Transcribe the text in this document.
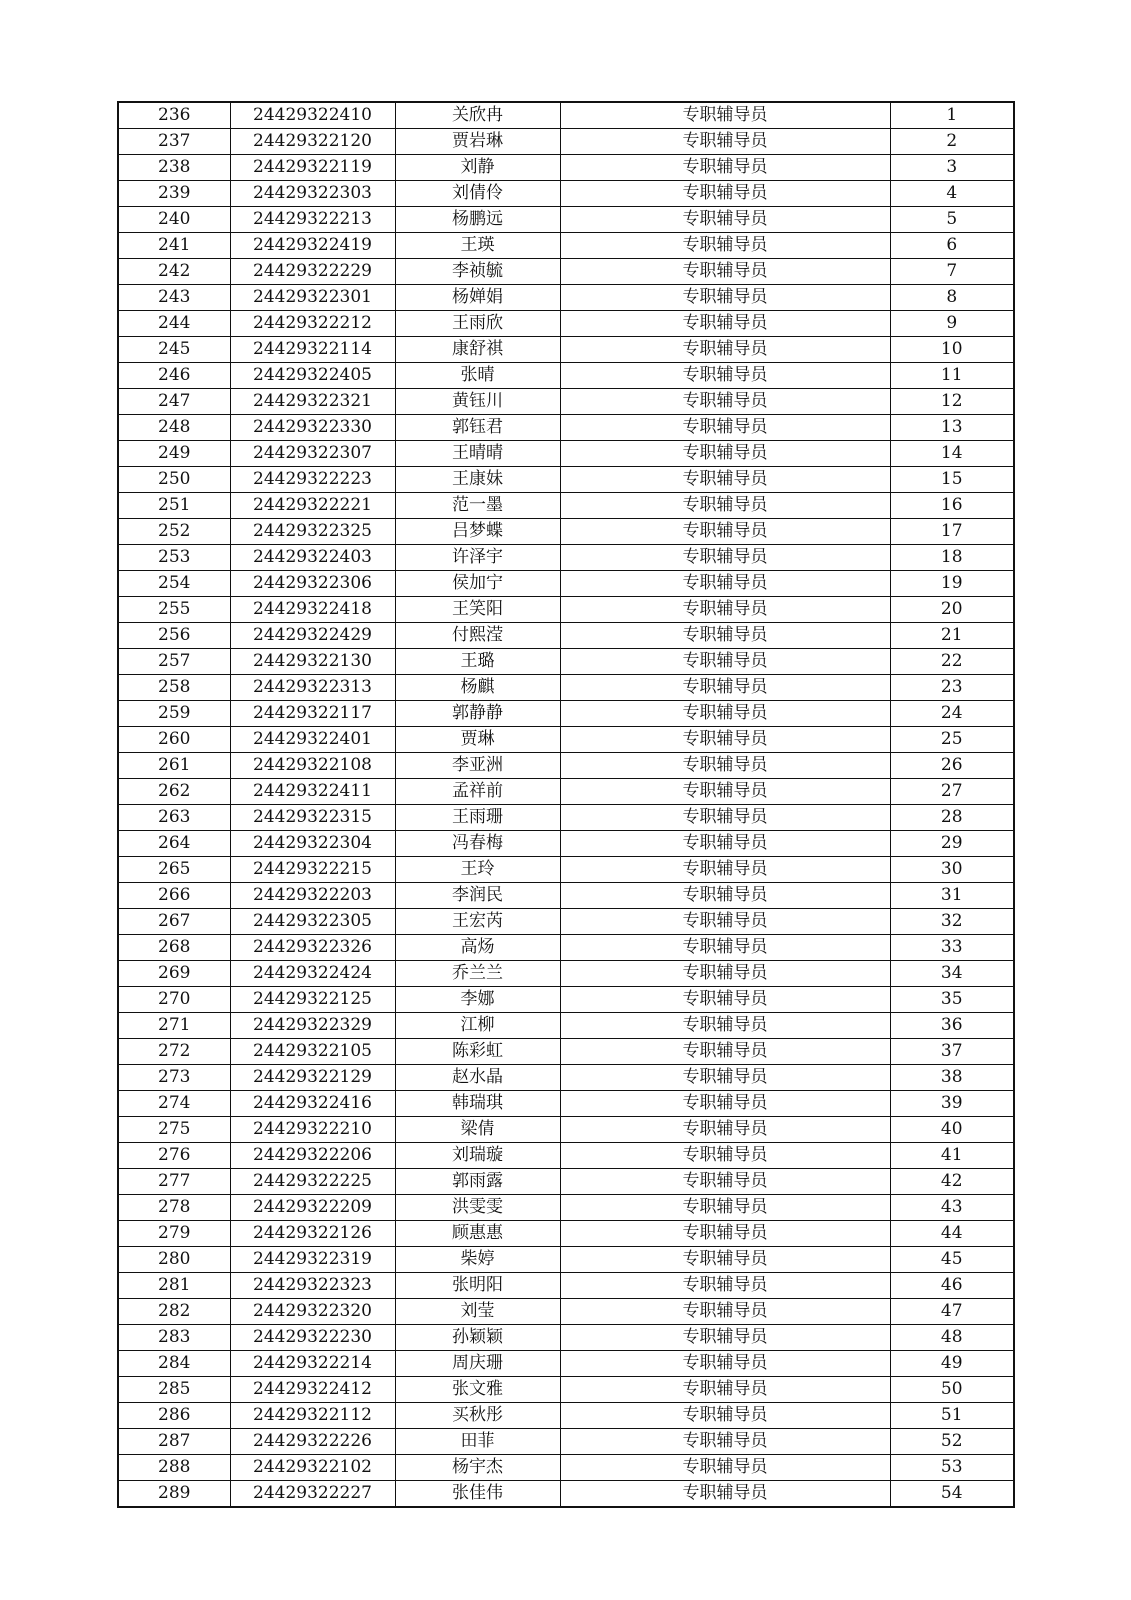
236	24429322410	关欣冉	专职辅导员	1
237	24429322120	贾岩琳	专职辅导员	2
238	24429322119	刘静	专职辅导员	3
239	24429322303	刘倩伶	专职辅导员	4
240	24429322213	杨鹏远	专职辅导员	5
241	24429322419	王瑛	专职辅导员	6
242	24429322229	李祯毓	专职辅导员	7
243	24429322301	杨婵娟	专职辅导员	8
244	24429322212	王雨欣	专职辅导员	9
245	24429322114	康舒祺	专职辅导员	10
246	24429322405	张晴	专职辅导员	11
247	24429322321	黄钰川	专职辅导员	12
248	24429322330	郭钰君	专职辅导员	13
249	24429322307	王晴晴	专职辅导员	14
250	24429322223	王康妹	专职辅导员	15
251	24429322221	范一墨	专职辅导员	16
252	24429322325	吕梦蝶	专职辅导员	17
253	24429322403	许泽宇	专职辅导员	18
254	24429322306	侯加宁	专职辅导员	19
255	24429322418	王笑阳	专职辅导员	20
256	24429322429	付熙滢	专职辅导员	21
257	24429322130	王璐	专职辅导员	22
258	24429322313	杨麒	专职辅导员	23
259	24429322117	郭静静	专职辅导员	24
260	24429322401	贾琳	专职辅导员	25
261	24429322108	李亚洲	专职辅导员	26
262	24429322411	孟祥前	专职辅导员	27
263	24429322315	王雨珊	专职辅导员	28
264	24429322304	冯春梅	专职辅导员	29
265	24429322215	王玲	专职辅导员	30
266	24429322203	李润民	专职辅导员	31
267	24429322305	王宏芮	专职辅导员	32
268	24429322326	高炀	专职辅导员	33
269	24429322424	乔兰兰	专职辅导员	34
270	24429322125	李娜	专职辅导员	35
271	24429322329	江柳	专职辅导员	36
272	24429322105	陈彩虹	专职辅导员	37
273	24429322129	赵水晶	专职辅导员	38
274	24429322416	韩瑞琪	专职辅导员	39
275	24429322210	梁倩	专职辅导员	40
276	24429322206	刘瑞璇	专职辅导员	41
277	24429322225	郭雨露	专职辅导员	42
278	24429322209	洪雯雯	专职辅导员	43
279	24429322126	顾惠惠	专职辅导员	44
280	24429322319	柴婷	专职辅导员	45
281	24429322323	张明阳	专职辅导员	46
282	24429322320	刘莹	专职辅导员	47
283	24429322230	孙颖颖	专职辅导员	48
284	24429322214	周庆珊	专职辅导员	49
285	24429322412	张文雅	专职辅导员	50
286	24429322112	买秋彤	专职辅导员	51
287	24429322226	田菲	专职辅导员	52
288	24429322102	杨宇杰	专职辅导员	53
289	24429322227	张佳伟	专职辅导员	54
